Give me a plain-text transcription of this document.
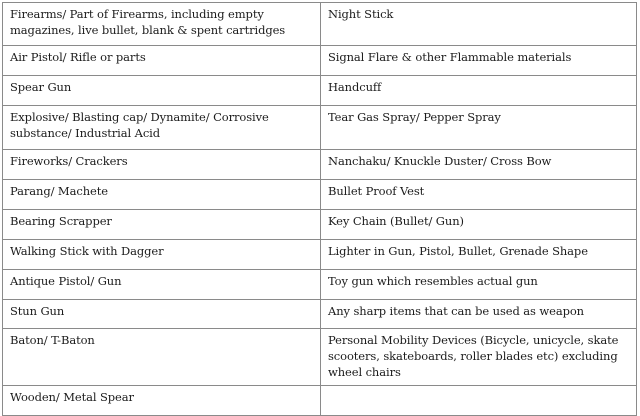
Firearms/ Part of Firearms, including empty magazines, live bullet, blank & spent cartridges	Night Stick
Air Pistol/ Rifle or parts	Signal Flare & other Flammable materials
Spear Gun	Handcuff
Explosive/ Blasting cap/ Dynamite/ Corrosive substance/ Industrial Acid	Tear Gas Spray/ Pepper Spray
Fireworks/ Crackers	Nanchaku/ Knuckle Duster/ Cross Bow
Parang/ Machete	Bullet Proof Vest
Bearing Scrapper	Key Chain (Bullet/ Gun)
Walking Stick with Dagger	Lighter in Gun, Pistol, Bullet, Grenade Shape
Antique Pistol/ Gun	Toy gun which resembles actual gun
Stun Gun	Any sharp items that can be used as weapon
Baton/ T-Baton	Personal Mobility Devices (Bicycle, unicycle, skate scooters, skateboards, roller blades etc) excluding wheel chairs
Wooden/ Metal Spear	
